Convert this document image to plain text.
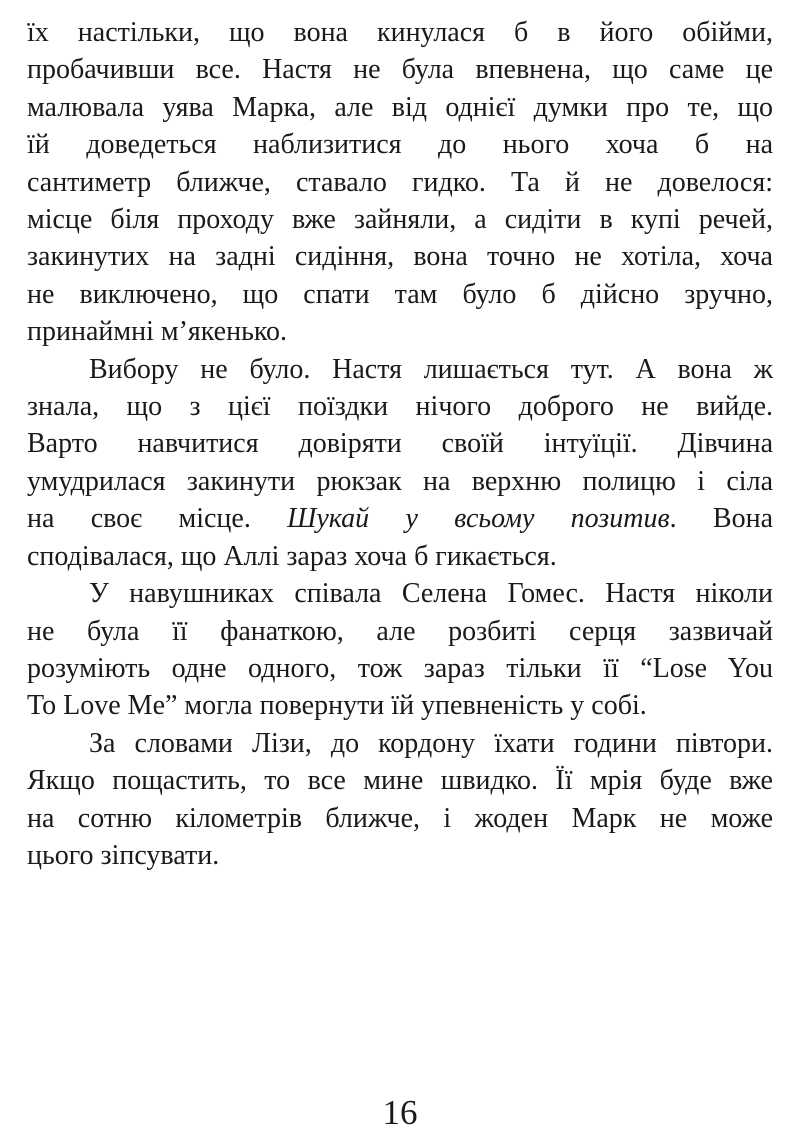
їх настільки, що вона кинулася б в його обійми,
пробачивши все. Настя не була впевнена, що саме це
малювала уява Марка, але від однієї думки про те, що
їй доведеться наблизитися до нього хоча б на
сантиметр ближче, ставало гидко. Та й не довелося:
місце біля проходу вже зайняли, а сидіти в купі речей,
закинутих на задні сидіння, вона точно не хотіла, хоча
не виключено, що спати там було б дійсно зручно,
принаймні м’якенько.
Вибору не було. Настя лишається тут. А вона ж
знала, що з цієї поїздки нічого доброго не вийде.
Варто навчитися довіряти своїй інтуїції. Дівчина
умудрилася закинути рюкзак на верхню полицю і сіла
на своє місце. Шукай у всьому позитив. Вона
сподівалася, що Аллі зараз хоча б гикається.
У навушниках співала Селена Гомес. Настя ніколи
не була її фанаткою, але розбиті серця зазвичай
розуміють одне одного, тож зараз тільки її “Lose You
To Love Me” могла повернути їй упевненість у собі.
За словами Лізи, до кордону їхати години півтори.
Якщо пощастить, то все мине швидко. Її мрія буде вже
на сотню кілометрів ближче, і жоден Марк не може
цього зіпсувати.
16
